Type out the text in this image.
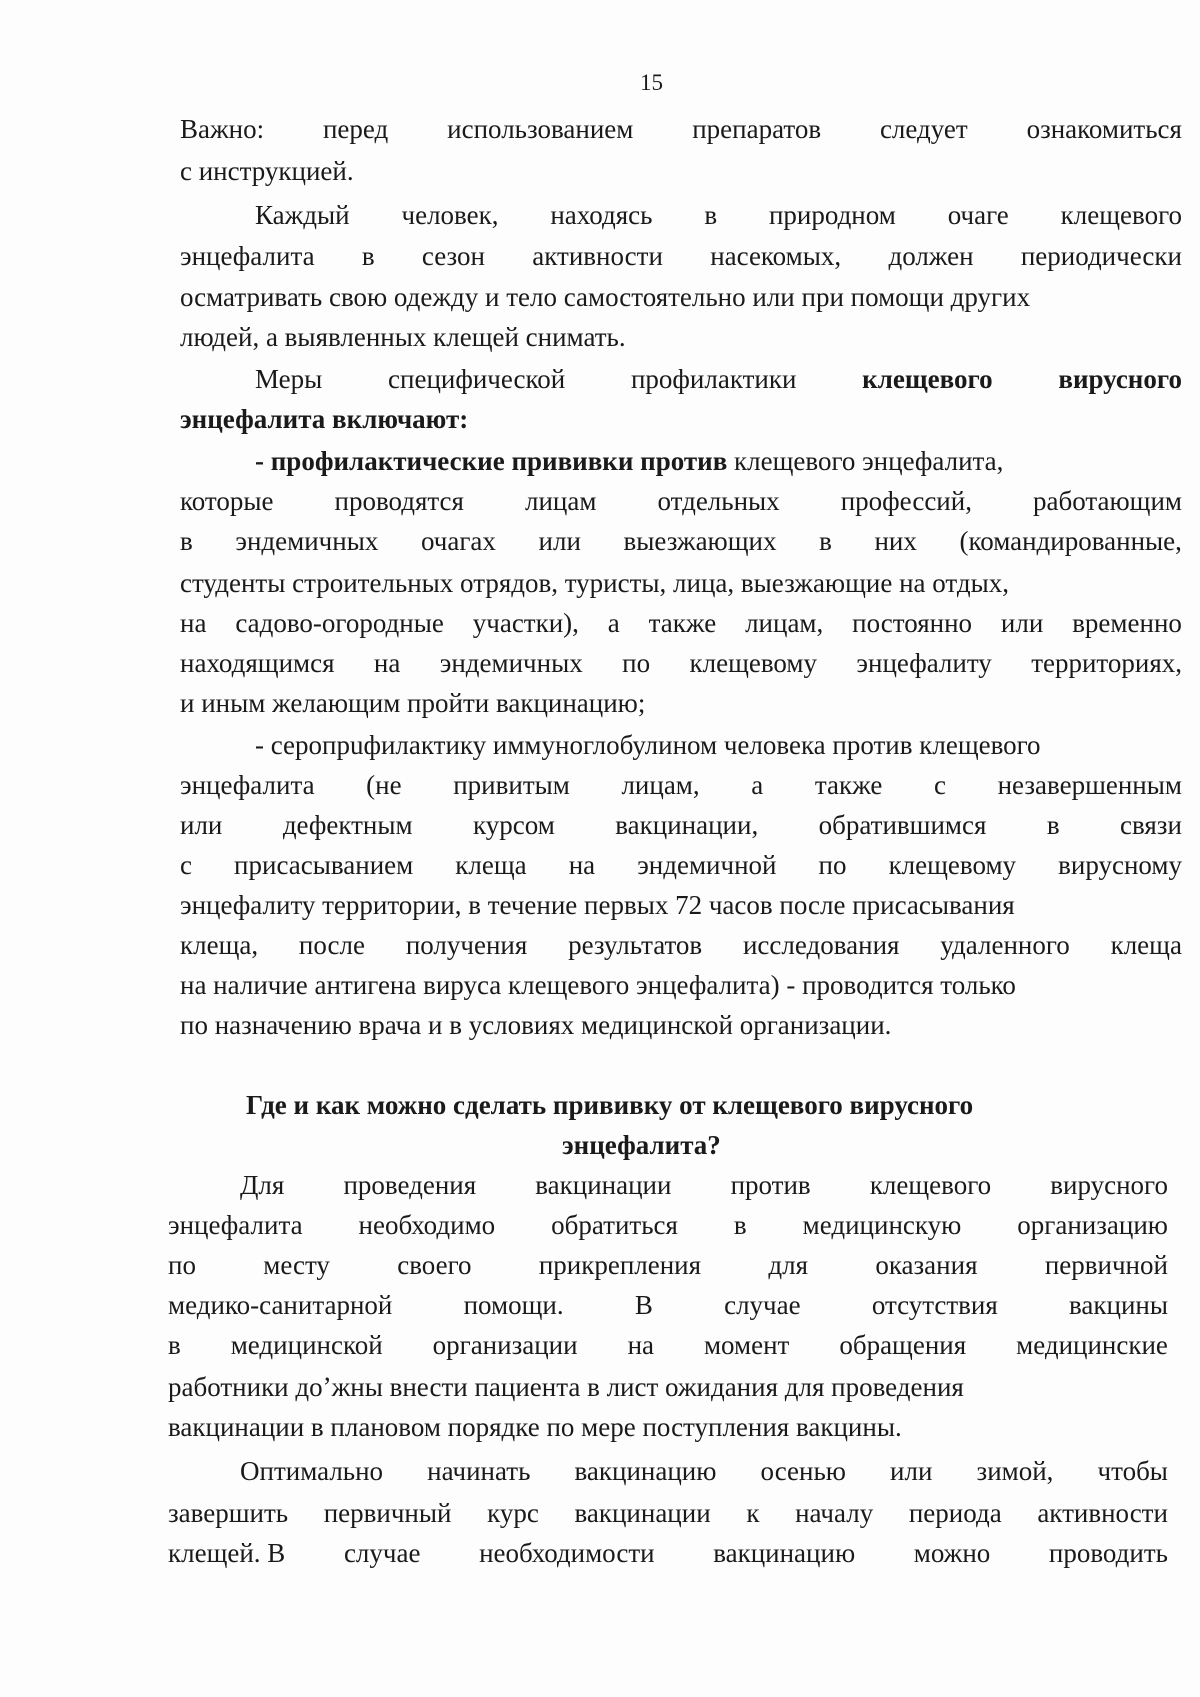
15
Важно: перед использованием препаратов следует ознакомиться
с инструкцией.
Каждый человек, находясь в природном очаге клещевого
энцефалита в сезон активности насекомых, должен периодически
осматривать свою одежду и тело самостоятельно или при помощи других
людей, а выявленных клещей снимать.
Меры специфической профилактики клещевого вирусного
энцефалита включают:
- профилактические прививки против клещевого энцефалита,
которые проводятся лицам отдельных профессий, работающим
в эндемичных очагах или выезжающих в них (командированные,
студенты строительных отрядов, туристы, лица, выезжающие на отдых,
на садово-огородные участки), а также лицам, постоянно или временно
находящимся на эндемичных по клещевому энцефалиту территориях,
и иным желающим пройти вакцинацию;
- серопрuфилактику иммуноглобулином человека против клещевого
энцефалита (не привитым лицам, а также с незавершенным
или дефектным курсом вакцинации, обратившимся в связи
с присасыванием клеща на эндемичной по клещевому вирусному
энцефалиту территории, в течение первых 72 часов после присасывания
клеща, после получения результатов исследования удаленного клеща
на наличие антигена вируса клещевого энцефалита) - проводится только
по назначению врача и в условиях медицинской организации.
Где и как можно сделать прививку от клещевого вирусного
энцефалита?
Для проведения вакцинации против клещевого вирусного
энцефалита необходимо обратиться в медицинскую организацию
по месту своего прикрепления для оказания первичной
медико-санитарной	помощи.	В	случае	отсутствия	вакцины
в медицинской организации на момент обращения медицинские
работники доʼжны внести пациента в лист ожидания для проведения
вакцинации в плановом порядке по мере поступления вакцины.
Оптимально начинать вакцинацию осенью или зимой, чтобы
завершить первичный курс вакцинации к началу периода активности
клещей. В случае необходимости вакцинацию можно проводить
